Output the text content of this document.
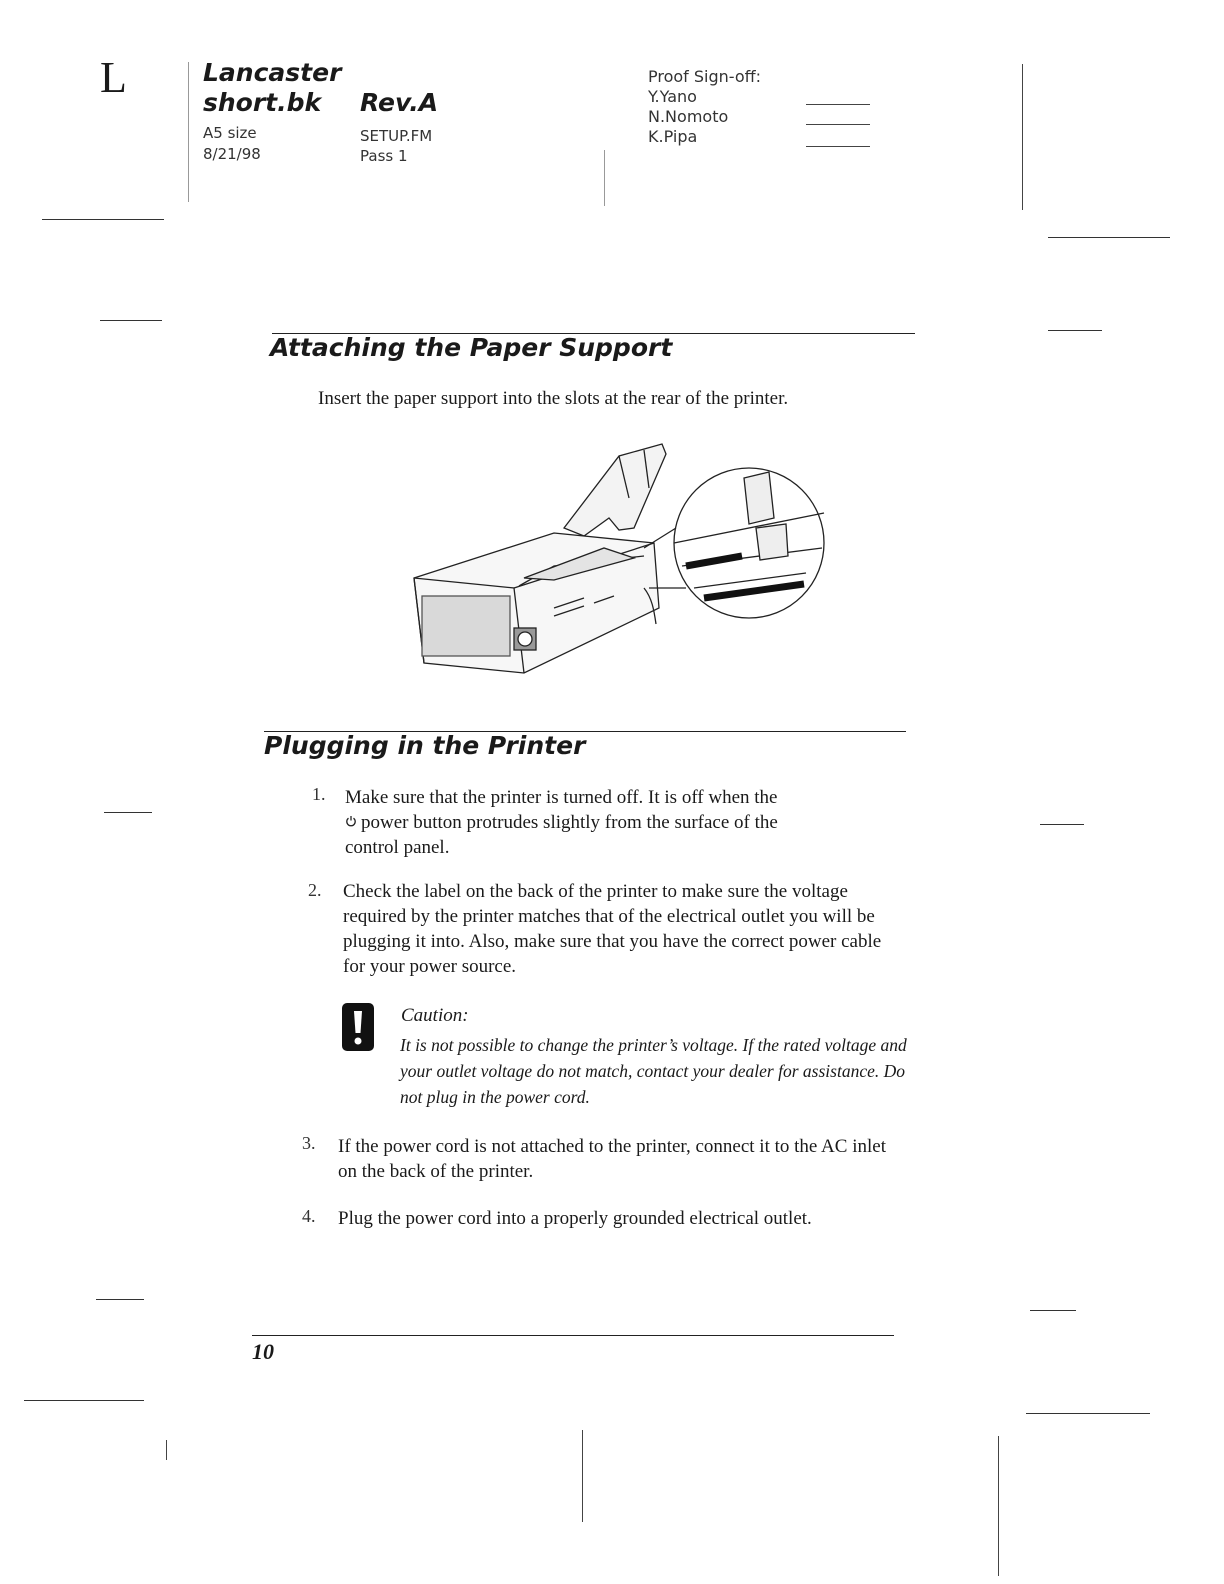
L	Lancaster
short.bk Rev.A
A5 size
8/21/98
SETUP.FM
Pass 1
Proof Sign-off:
Y.Yano
N.Nomoto
K.Pipa
Attaching the Paper Support
Insert the paper support into the slots at the rear of the printer.
Plugging in the Printer
1. Make sure that the printer is turned off. It is off when the
power button protrudes slightly from the surface of the
control panel.
2. Check the label on the back of the printer to make sure the voltage required by the printer matches that of the electrical outlet you will be plugging it into. Also, make sure that you have the correct power cable for your power source.
Caution:
It is not possible to change the printer’s voltage. If the rated voltage and your outlet voltage do not match, contact your dealer for assistance. Do not plug in the power cord.
3. If the power cord is not attached to the printer, connect it to the AC inlet on the back of the printer.
4. Plug the power cord into a properly grounded electrical outlet.
10
